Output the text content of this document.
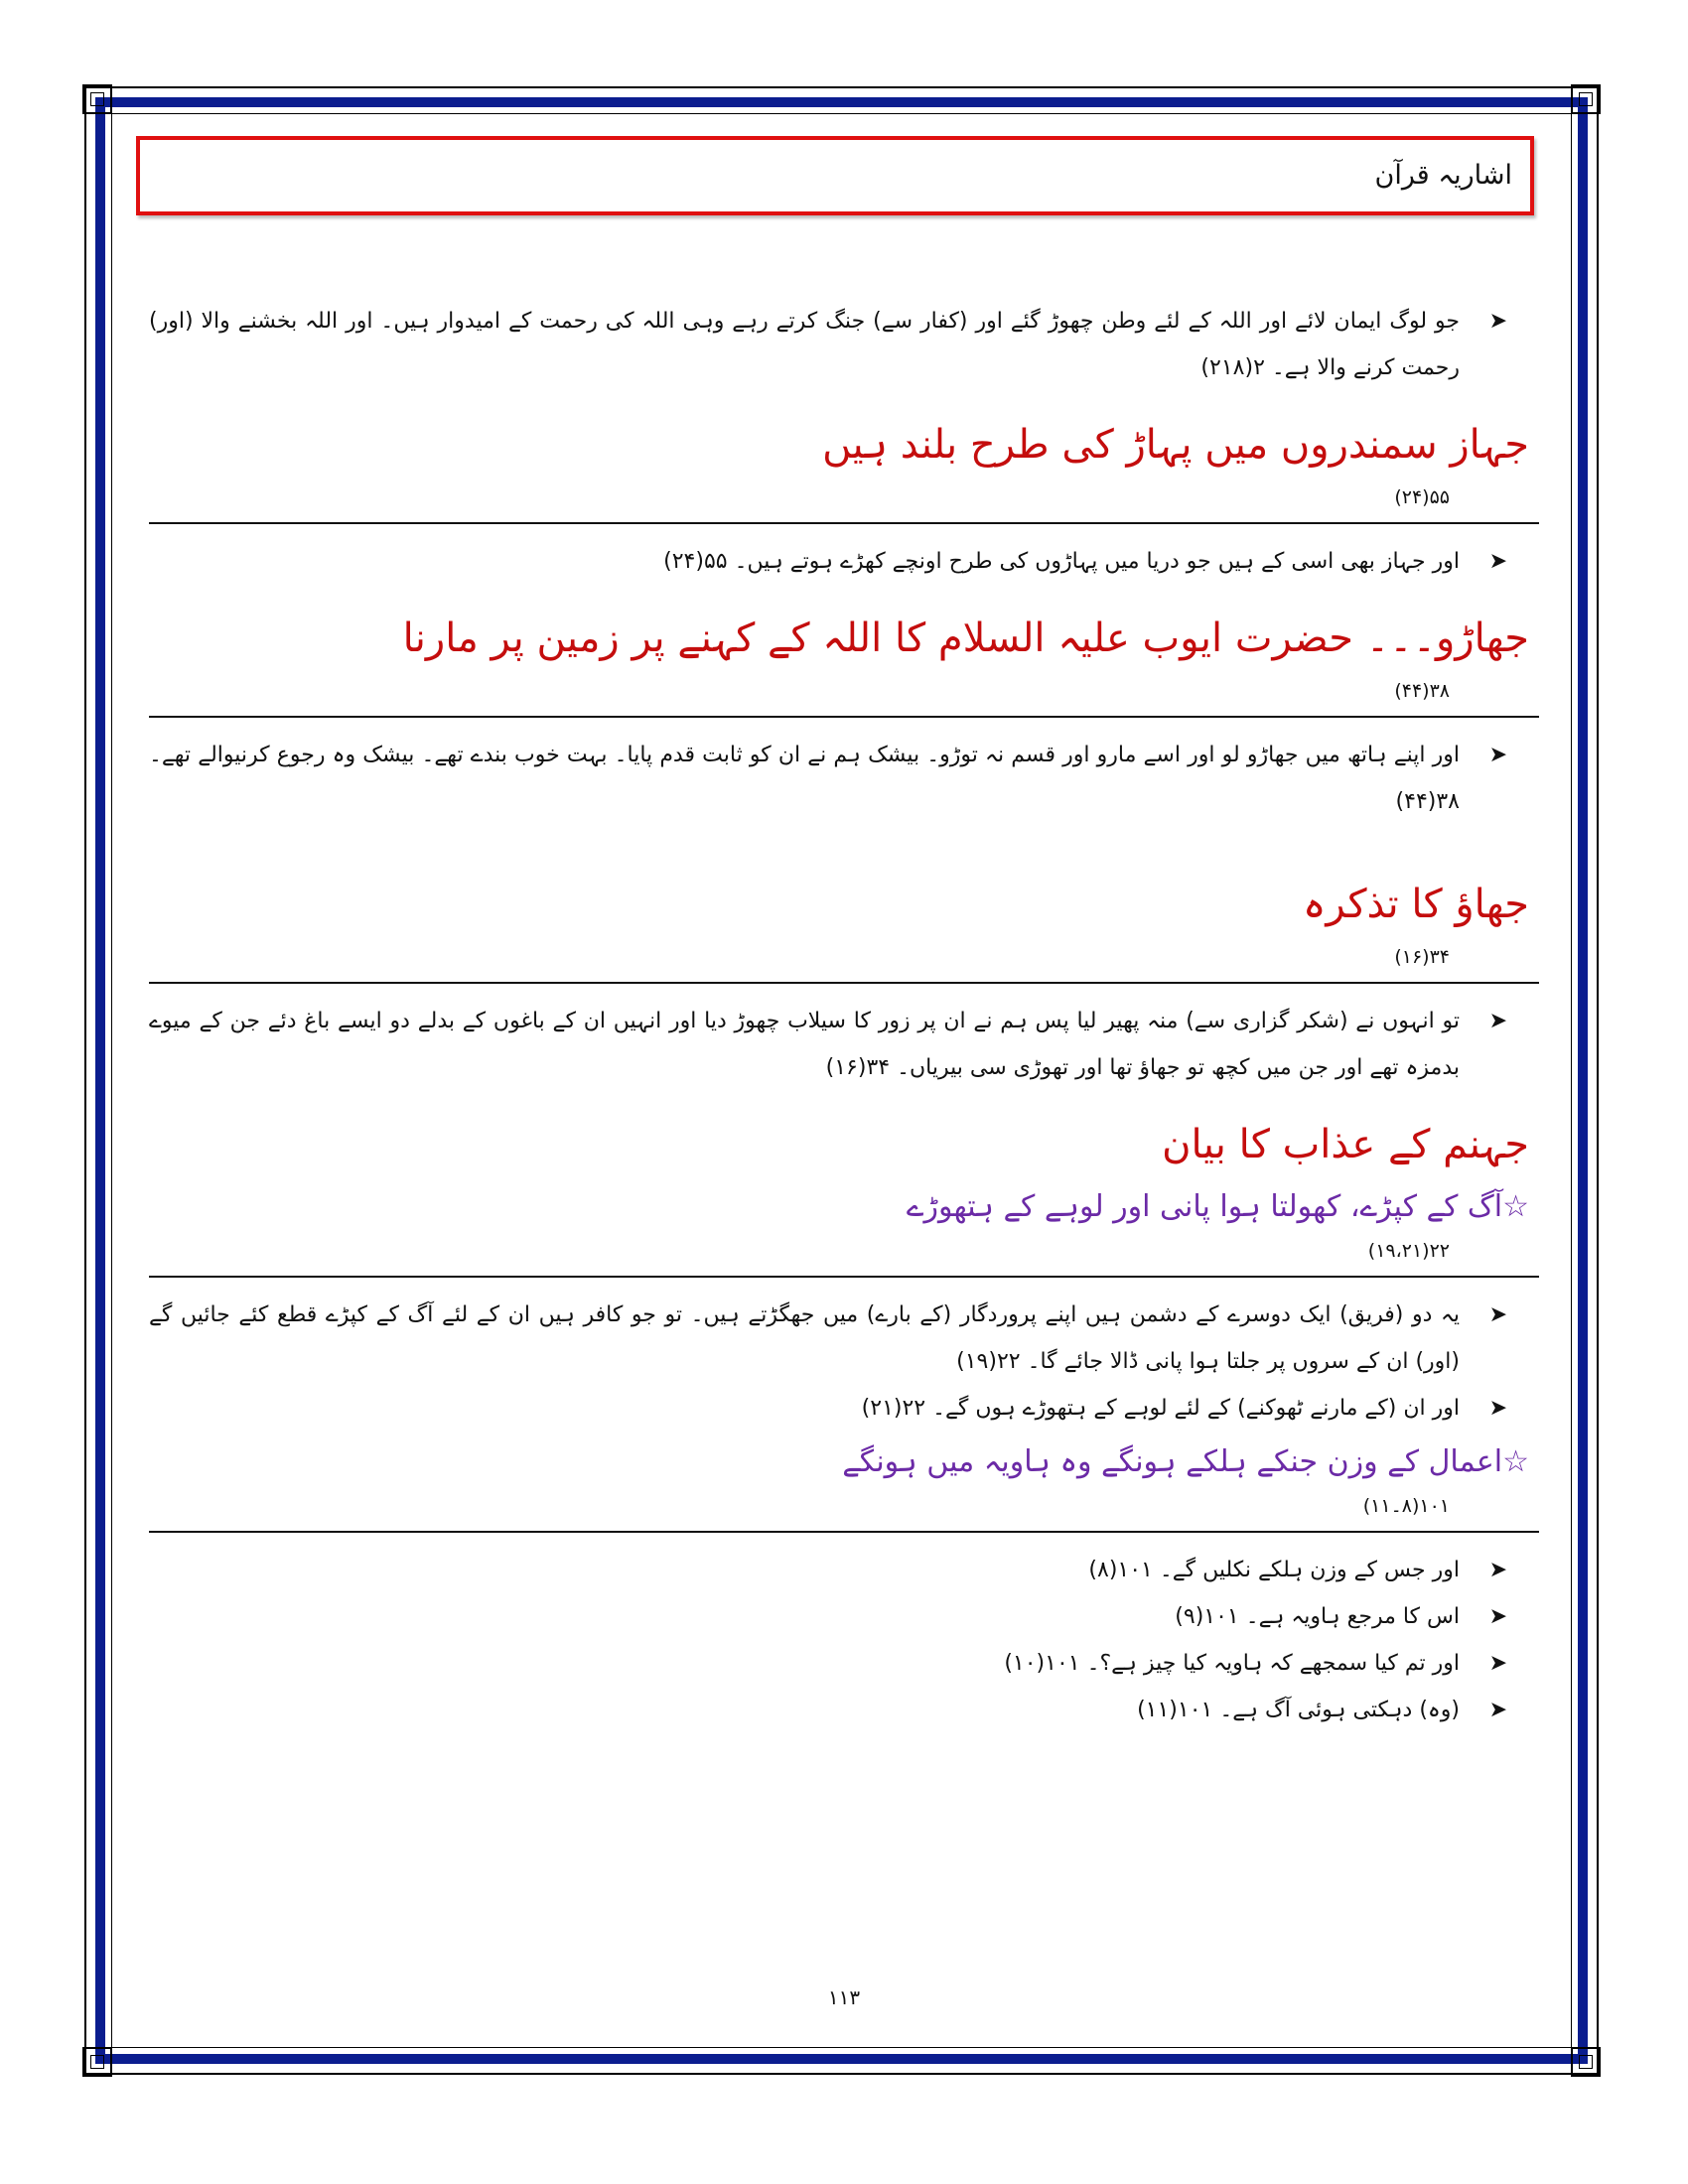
اشاریہ قرآن

➤
جو لوگ ایمان لائے اور اللہ کے لئے وطن چھوڑ گئے اور (کفار سے) جنگ کرتے رہے وہی اللہ کی رحمت کے امیدوار ہیں۔ اور اللہ بخشنے والا (اور) رحمت کرنے والا ہے۔ ۲(۲۱۸)

جہاز سمندروں میں پہاڑ کی طرح بلند ہیں
۵۵(۲۴)

➤
اور جہاز بھی اسی کے ہیں جو دریا میں پہاڑوں کی طرح اونچے کھڑے ہوتے ہیں۔ ۵۵(۲۴)

جھاڑو۔۔۔ حضرت ایوب علیہ السلام کا اللہ کے کہنے پر زمین پر مارنا
۳۸(۴۴)

➤
اور اپنے ہاتھ میں جھاڑو لو اور اسے مارو اور قسم نہ توڑو۔ بیشک ہم نے ان کو ثابت قدم پایا۔ بہت خوب بندے تھے۔ بیشک وہ رجوع کرنیوالے تھے۔ ۳۸(۴۴)

جھاؤ کا تذکرہ
۳۴(۱۶)

➤
تو انہوں نے (شکر گزاری سے) منہ پھیر لیا پس ہم نے ان پر زور کا سیلاب چھوڑ دیا اور انہیں ان کے باغوں کے بدلے دو ایسے باغ دئے جن کے میوے بدمزہ تھے اور جن میں کچھ تو جھاؤ تھا اور تھوڑی سی بیریاں۔ ۳۴(۱۶)

جہنم کے عذاب کا بیان
☆آگ کے کپڑے، کھولتا ہوا پانی اور لوہے کے ہتھوڑے
۲۲(۱۹،۲۱)

➤
یہ دو (فریق) ایک دوسرے کے دشمن ہیں اپنے پروردگار (کے بارے) میں جھگڑتے ہیں۔ تو جو کافر ہیں ان کے لئے آگ کے کپڑے قطع کئے جائیں گے (اور) ان کے سروں پر جلتا ہوا پانی ڈالا جائے گا۔ ۲۲(۱۹)

➤
اور ان (کے مارنے ٹھوکنے) کے لئے لوہے کے ہتھوڑے ہوں گے۔ ۲۲(۲۱)

☆اعمال کے وزن جنکے ہلکے ہونگے وہ ہاویہ میں ہونگے
۱۰۱(۸۔۱۱)

➤
اور جس کے وزن ہلکے نکلیں گے۔ ۱۰۱(۸)

➤
اس کا مرجع ہاویہ ہے۔ ۱۰۱(۹)

➤
اور تم کیا سمجھے کہ ہاویہ کیا چیز ہے؟۔ ۱۰۱(۱۰)

➤
(وہ) دہکتی ہوئی آگ ہے۔ ۱۰۱(۱۱)

۱۱۳
